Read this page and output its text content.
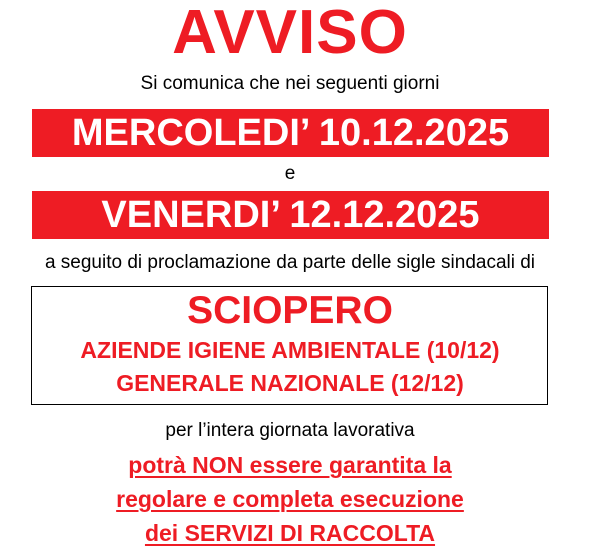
AVVISO
Si comunica che nei seguenti giorni
MERCOLEDI’ 10.12.2025
e
VENERDI’ 12.12.2025
a seguito di proclamazione da parte delle sigle sindacali di
SCIOPERO
AZIENDE IGIENE AMBIENTALE (10/12)
GENERALE NAZIONALE (12/12)
per l’intera giornata lavorativa
potrà NON essere garantita la
regolare e completa esecuzione
dei SERVIZI DI RACCOLTA
